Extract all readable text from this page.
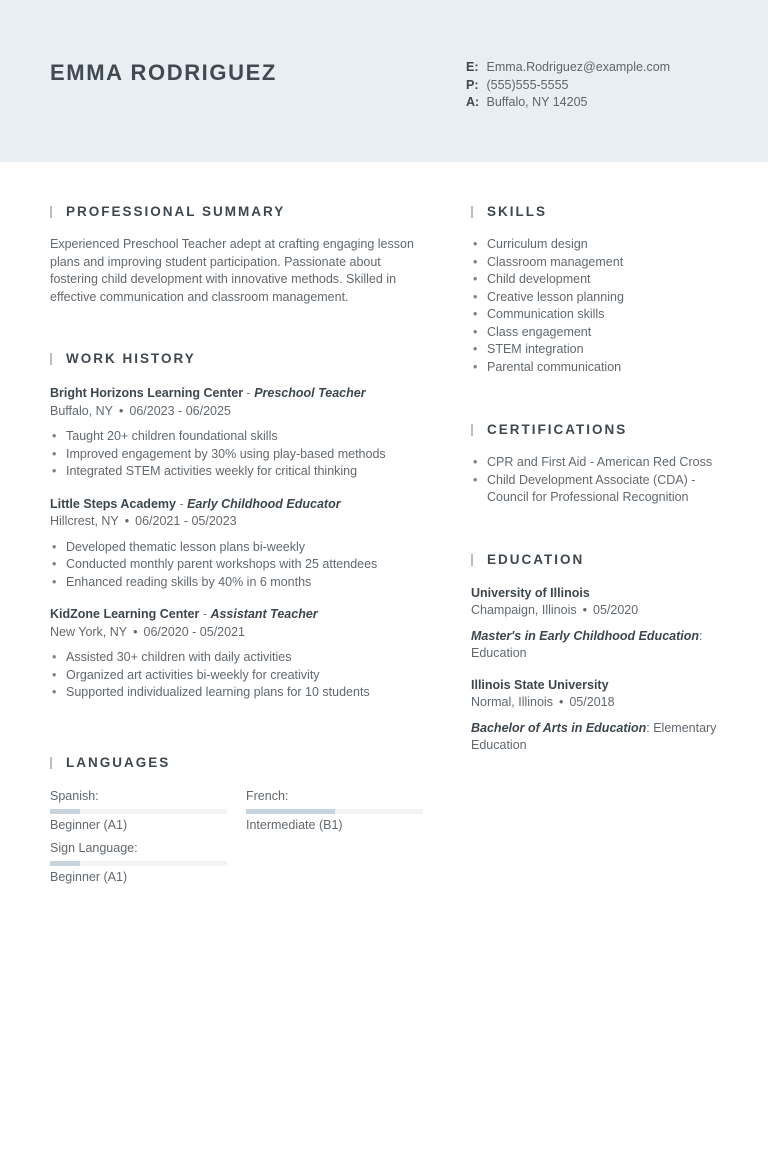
EMMA RODRIGUEZ	E: Emma.Rodriguez@example.com
P: (555)555-5555
A: Buffalo, NY 14205
PROFESSIONAL SUMMARY

Experienced Preschool Teacher adept at crafting engaging lesson plans and improving student participation. Passionate about fostering child development with innovative methods. Skilled in effective communication and classroom management.

WORK HISTORY
Bright Horizons Learning Center - Preschool Teacher
Buffalo, NY • 06/2023 - 06/2025
• Taught 20+ children foundational skills
• Improved engagement by 30% using play-based methods
• Integrated STEM activities weekly for critical thinking
Little Steps Academy - Early Childhood Educator
Hillcrest, NY • 06/2021 - 05/2023
• Developed thematic lesson plans bi-weekly
• Conducted monthly parent workshops with 25 attendees
• Enhanced reading skills by 40% in 6 months
KidZone Learning Center - Assistant Teacher
New York, NY • 06/2020 - 05/2021
• Assisted 30+ children with daily activities
• Organized art activities bi-weekly for creativity
• Supported individualized learning plans for 10 students
LANGUAGES
Spanish:
Beginner (A1)
French:
Intermediate (B1)
Sign Language:
Beginner (A1)
SKILLS
• Curriculum design
• Classroom management
• Child development
• Creative lesson planning
• Communication skills
• Class engagement
• STEM integration
• Parental communication
CERTIFICATIONS
• CPR and First Aid - American Red Cross
• Child Development Associate (CDA) - Council for Professional Recognition
EDUCATION
University of Illinois
Champaign, Illinois • 05/2020
Master's in Early Childhood Education: Education
Illinois State University
Normal, Illinois • 05/2018
Bachelor of Arts in Education: Elementary Education
